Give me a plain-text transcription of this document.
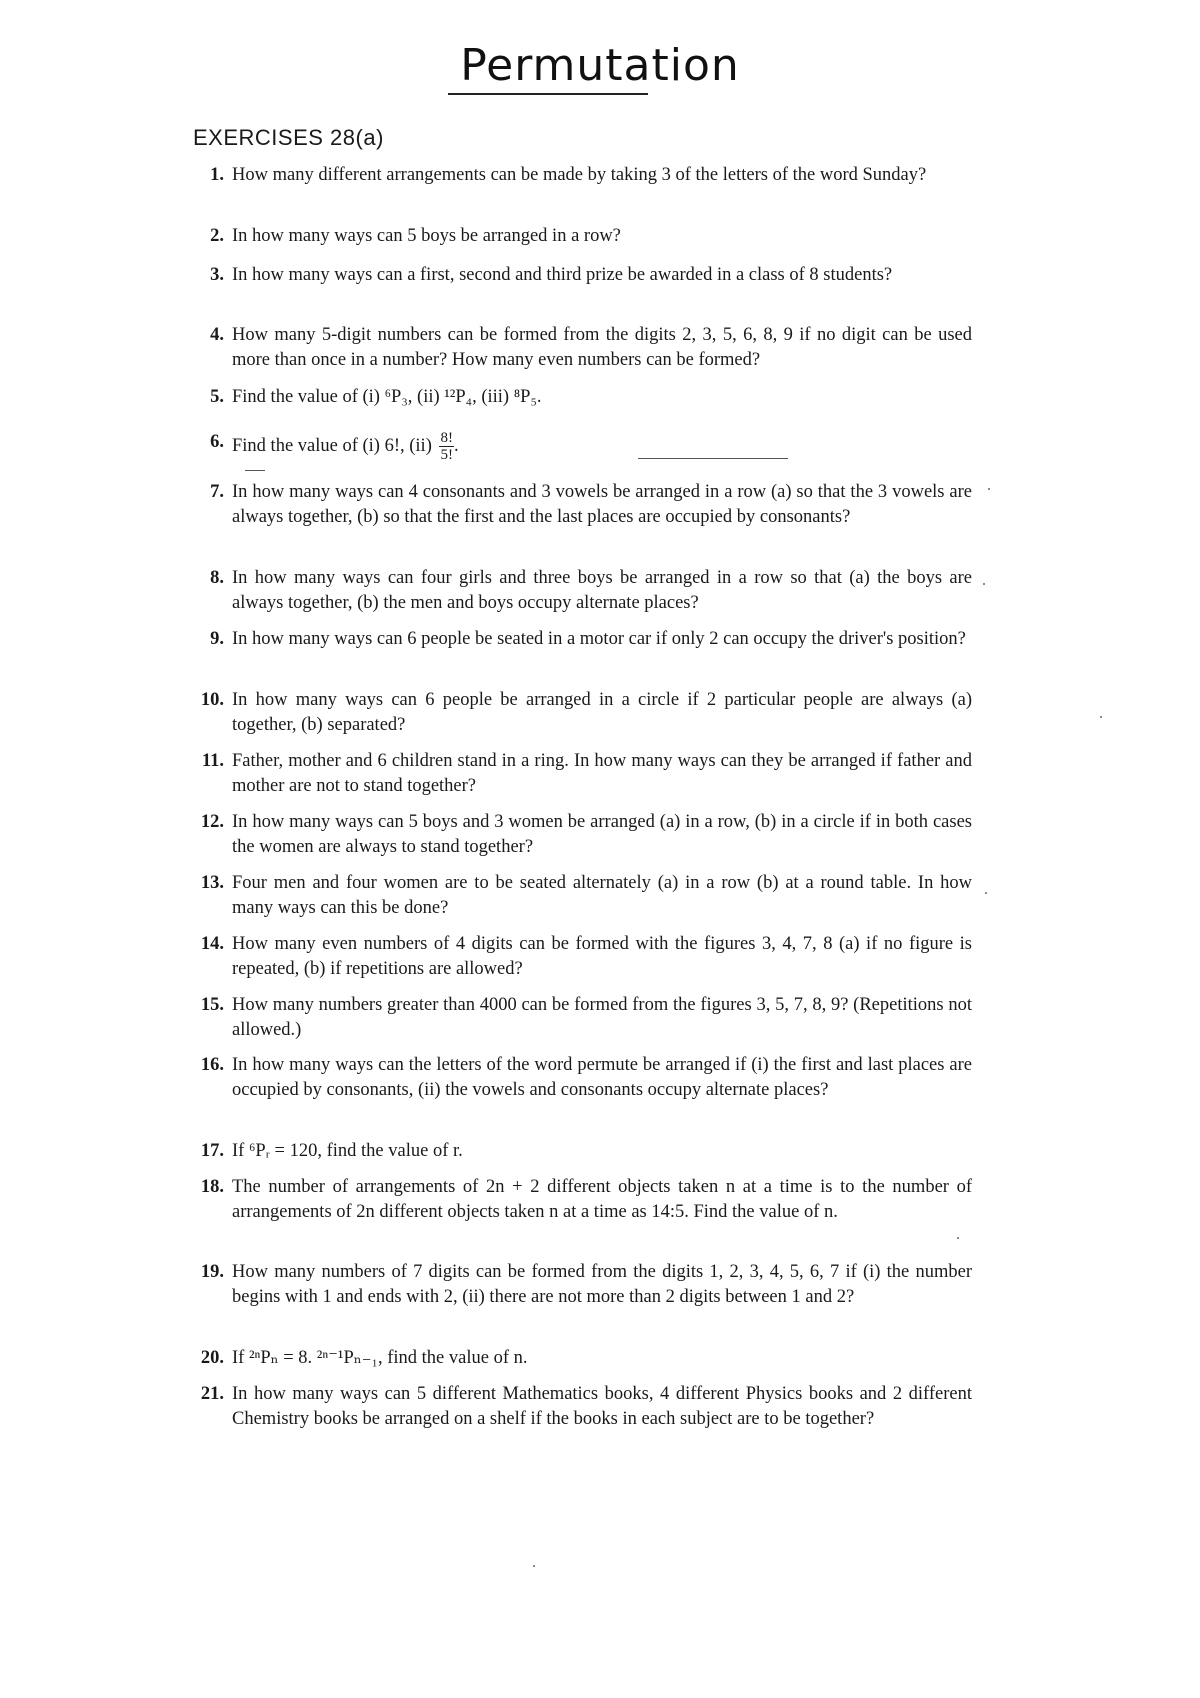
Permutation
EXERCISES 28(a)
1. How many different arrangements can be made by taking 3 of the letters of the word Sunday?
2. In how many ways can 5 boys be arranged in a row?
3. In how many ways can a first, second and third prize be awarded in a class of 8 students?
4. How many 5-digit numbers can be formed from the digits 2, 3, 5, 6, 8, 9 if no digit can be used more than once in a number? How many even numbers can be formed?
5. Find the value of (i) ⁶P₃, (ii) ¹²P₄, (iii) ⁸P₅.
6. Find the value of (i) 6!, $(ii) \frac{8!}{5!}$ .
7. In how many ways can 4 consonants and 3 vowels be arranged in a row (a) so that the 3 vowels are always together, (b) so that the first and the last places are occupied by consonants?
8. In how many ways can four girls and three boys be arranged in a row so that (a) the boys are always together, (b) the men and boys occupy alternate places?
9. In how many ways can 6 people be seated in a motor car if only 2 can occupy the driver's position?
10. In how many ways can 6 people be arranged in a circle if 2 particular people are always (a) together, (b) separated?
11. Father, mother and 6 children stand in a ring. In how many ways can they be arranged if father and mother are not to stand together?
12. In how many ways can 5 boys and 3 women be arranged (a) in a row, (b) in a circle if in both cases the women are always to stand together?
13. Four men and four women are to be seated alternately (a) in a row (b) at a round table. In how many ways can this be done?
14. How many even numbers of 4 digits can be formed with the figures 3, 4, 7, 8 (a) if no figure is repeated, (b) if repetitions are allowed?
15. How many numbers greater than 4000 can be formed from the figures 3, 5, 7, 8, 9? (Repetitions not allowed.)
16. In how many ways can the letters of the word permute be arranged if (i) the first and last places are occupied by consonants, (ii) the vowels and consonants occupy alternate places?
17. If ⁶Pᵣ = 120, find the value of r.
18. The number of arrangements of 2n + 2 different objects taken n at a time is to the number of arrangements of 2n different objects taken n at a time as 14:5. Find the value of n.
19. How many numbers of 7 digits can be formed from the digits 1, 2, 3, 4, 5, 6, 7 if (i) the number begins with 1 and ends with 2, (ii) there are not more than 2 digits between 1 and 2?
20. If ²ⁿPₙ = 8. ²ⁿ⁻¹Pₙ₋₁, find the value of n.
21. In how many ways can 5 different Mathematics books, 4 different Physics books and 2 different Chemistry books be arranged on a shelf if the books in each subject are to be together?
